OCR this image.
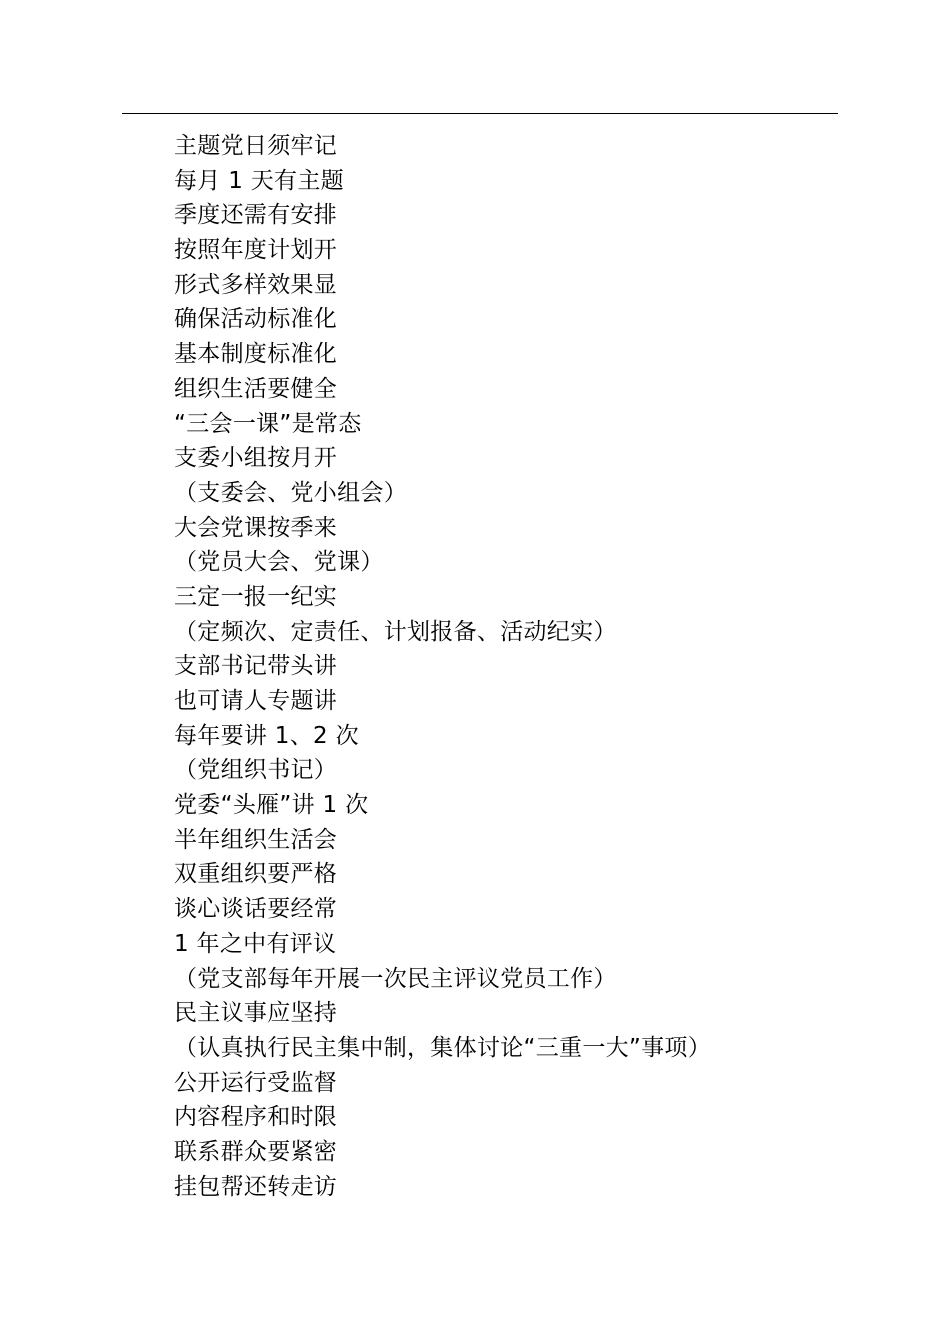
主题党日须牢记
每月 1 天有主题
季度还需有安排
按照年度计划开
形式多样效果显
确保活动标准化
基本制度标准化
组织生活要健全
“三会一课”是常态
支委小组按月开
（支委会、党小组会）
大会党课按季来
（党员大会、党课）
三定一报一纪实
（定频次、定责任、计划报备、活动纪实）
支部书记带头讲
也可请人专题讲
每年要讲 1、2 次
（党组织书记）
党委“头雁”讲 1 次
半年组织生活会
双重组织要严格
谈心谈话要经常
1 年之中有评议
（党支部每年开展一次民主评议党员工作）
民主议事应坚持
（认真执行民主集中制，集体讨论“三重一大”事项）
公开运行受监督
内容程序和时限
联系群众要紧密
挂包帮还转走访
